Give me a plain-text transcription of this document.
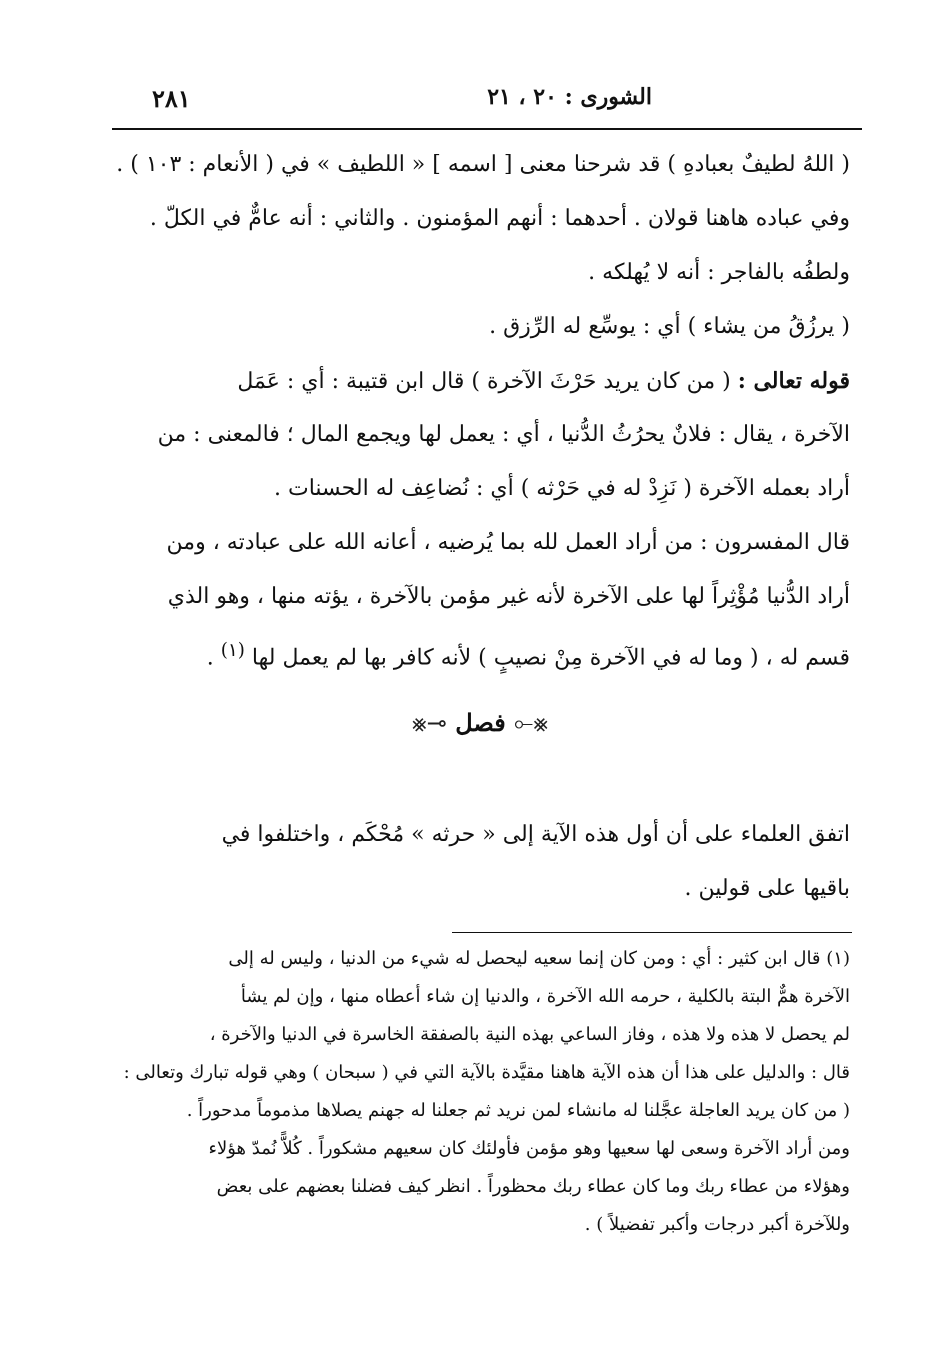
الشورى : ٢٠ ، ٢١
٢٨١
( اللهُ لطيفٌ بعبادهِ ) قد شرحنا معنى [ اسمه ] « اللطيف » في ( الأنعام : ١٠٣ ) .
وفي عباده هاهنا قولان . أحدهما : أنهم المؤمنون . والثاني : أنه عامٌّ في الكلّ .
ولطفُه بالفاجر : أنه لا يُهلكه .
( يرزُقُ من يشاء ) أي : يوسِّع له الرِّزق .
قوله تعالى : ( من كان يريد حَرْثَ الآخرة ) قال ابن قتيبة : أي : عَمَل
الآخرة ، يقال : فلانٌ يحرُثُ الدُّنيا ، أي : يعمل لها ويجمع المال ؛ فالمعنى : من
أراد بعمله الآخرة ( نَزِدْ له في حَرْثه ) أي : نُضاعِف له الحسنات .
قال المفسرون : من أراد العمل لله بما يُرضيه ، أعانه الله على عبادته ، ومن
أراد الدُّنيا مُؤْثِراً لها على الآخرة لأنه غير مؤمن بالآخرة ، يؤته منها ، وهو الذي
قسم له ، ( وما له في الآخرة مِنْ نصيبٍ ) لأنه كافر بها لم يعمل لها $^{(١)}$ .
⨳⊸ فصل ⊸⨳
اتفق العلماء على أن أول هذه الآية إلى « حرثه » مُحْكَم ، واختلفوا في
باقيها على قولين .
(١) قال ابن كثير : أي : ومن كان إنما سعيه ليحصل له شيء من الدنيا ، وليس له إلى
الآخرة همٌّ البتة بالكلية ، حرمه الله الآخرة ، والدنيا إن شاء أعطاه منها ، وإن لم يشأ
لم يحصل لا هذه ولا هذه ، وفاز الساعي بهذه النية بالصفقة الخاسرة في الدنيا والآخرة ،
قال : والدليل على هذا أن هذه الآية هاهنا مقيَّدة بالآية التي في ( سبحان ) وهي قوله تبارك وتعالى :
( من كان يريد العاجلة عجَّلنا له مانشاء لمن نريد ثم جعلنا له جهنم يصلاها مذموماً مدحوراً .
ومن أراد الآخرة وسعى لها سعيها وهو مؤمن فأولئك كان سعيهم مشكوراً . كُلاًّ نُمدّ هؤلاء
وهؤلاء من عطاء ربك وما كان عطاء ربك محظوراً . انظر كيف فضلنا بعضهم على بعض
وللآخرة أكبر درجات وأكبر تفضيلاً ) .
